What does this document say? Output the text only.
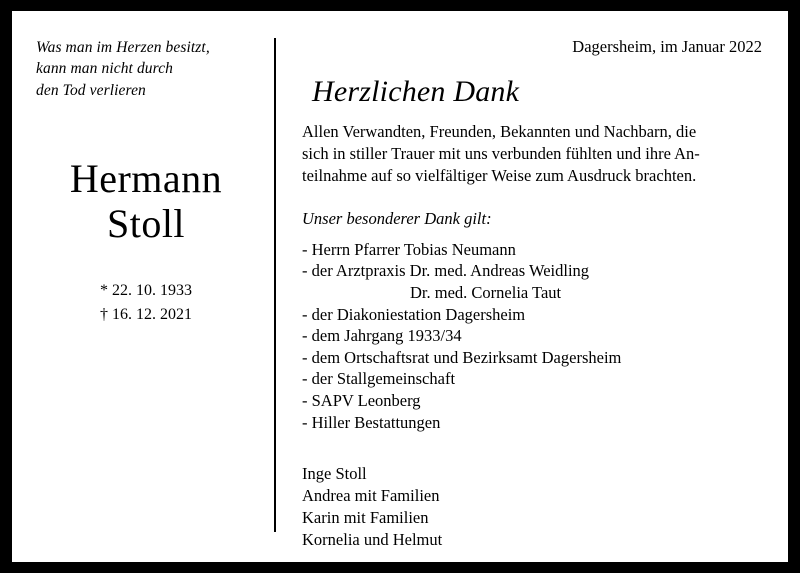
Was man im Herzen besitzt,
kann man nicht durch
den Tod verlieren
Hermann
Stoll
* 22. 10. 1933
† 16. 12. 2021
Dagersheim, im Januar 2022
Herzlichen Dank
Allen Verwandten, Freunden, Bekannten und Nachbarn, die
sich in stiller Trauer mit uns verbunden fühlten und ihre An-
teilnahme auf so vielfältiger Weise zum Ausdruck brachten.
Unser besonderer Dank gilt:
- Herrn Pfarrer Tobias Neumann
- der Arztpraxis Dr. med. Andreas Weidling
Dr. med. Cornelia Taut
- der Diakoniestation Dagersheim
- dem Jahrgang 1933/34
- dem Ortschaftsrat und Bezirksamt Dagersheim
- der Stallgemeinschaft
- SAPV Leonberg
- Hiller Bestattungen
Inge Stoll
Andrea mit Familien
Karin mit Familien
Kornelia und Helmut
